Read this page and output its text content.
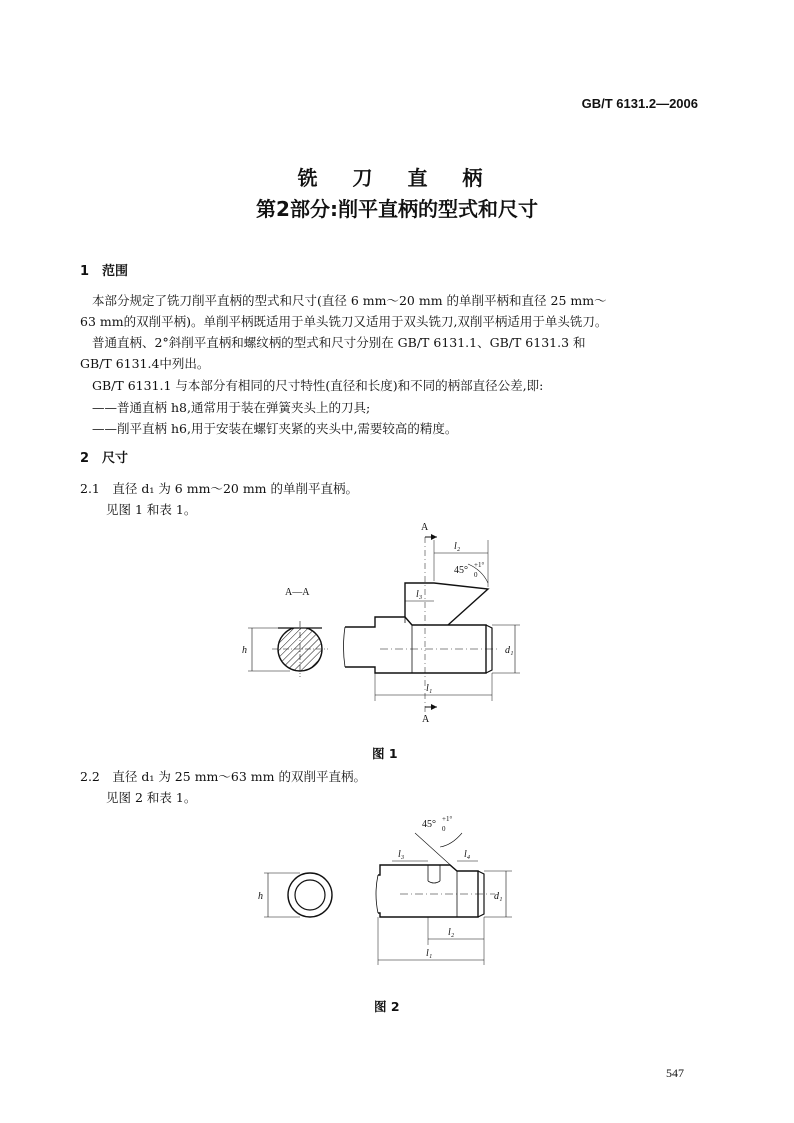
GB/T 6131.2—2006
铣 刀 直 柄
第2部分:削平直柄的型式和尺寸
1　范围
本部分规定了铣刀削平直柄的型式和尺寸(直径 6 mm～20 mm 的单削平柄和直径 25 mm～
63 mm的双削平柄)。单削平柄既适用于单头铣刀又适用于双头铣刀,双削平柄适用于单头铣刀。
普通直柄、2°斜削平直柄和螺纹柄的型式和尺寸分别在 GB/T 6131.1、GB/T 6131.3 和
GB/T 6131.4中列出。
GB/T 6131.1 与本部分有相同的尺寸特性(直径和长度)和不同的柄部直径公差,即:
——普通直柄 h8,通常用于装在弹簧夹头上的刀具;
——削平直柄 h6,用于安装在螺钉夹紧的夹头中,需要较高的精度。
2　尺寸
2.1　直径 d₁ 为 6 mm～20 mm 的单削平直柄。
见图 1 和表 1。
A—A
h
A
A
l₂
45° +1°
0
l₃
d₁
l₁
图 1
2.2　直径 d₁ 为 25 mm～63 mm 的双削平直柄。
见图 2 和表 1。
h
45° +1°
0
l₃	l₄
d₁
l₂
l₁
图 2
547
